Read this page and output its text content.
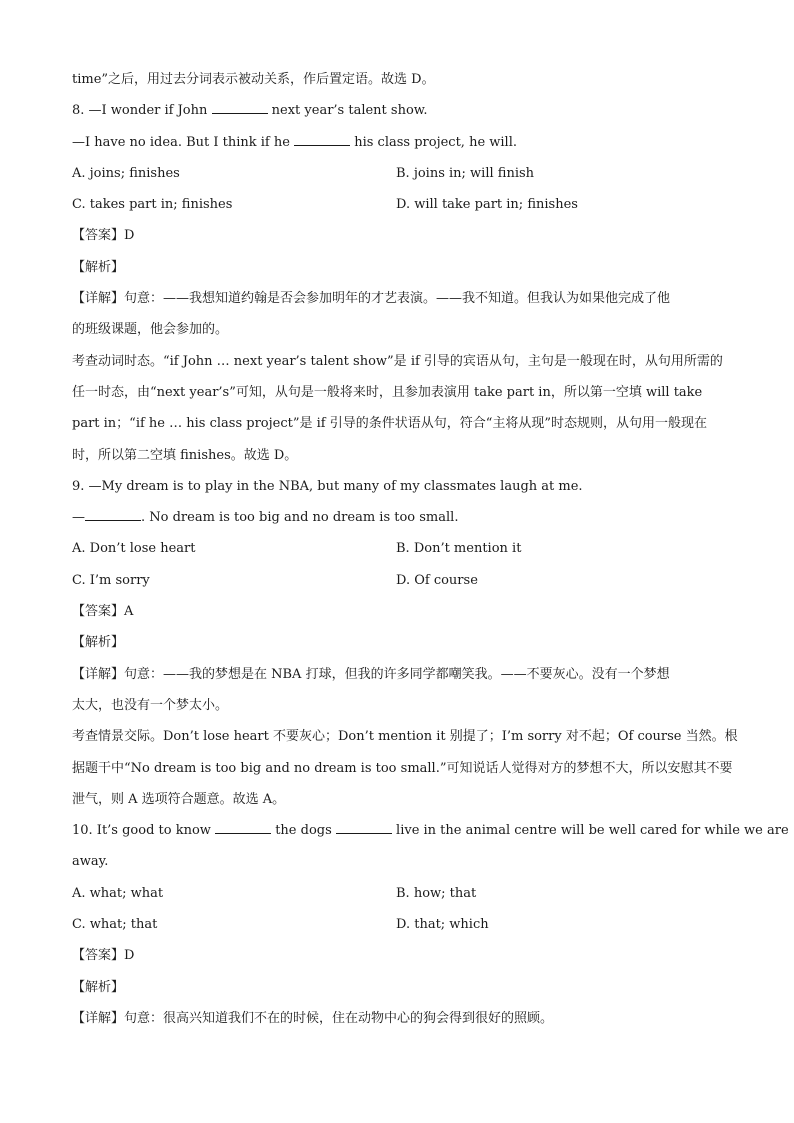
time”之后，用过去分词表示被动关系，作后置定语。故选 D。
8. —I wonder if John	next year’s talent show.
—I have no idea. But I think if he	his class project, he will.
A. joins; finishes	B. joins in; will finish
C. takes part in; finishes	D. will take part in; finishes
【答案】D
【解析】
【详解】句意：——我想知道约翰是否会参加明年的才艺表演。——我不知道。但我认为如果他完成了他
的班级课题，他会参加的。
考查动词时态。“if John … next year’s talent show”是 if 引导的宾语从句，主句是一般现在时，从句用所需的
任一时态，由“next year’s”可知，从句是一般将来时，且参加表演用 take part in，所以第一空填 will take
part in；“if he … his class project”是 if 引导的条件状语从句，符合“主将从现”时态规则，从句用一般现在
时，所以第二空填 finishes。故选 D。
9. —My dream is to play in the NBA, but many of my classmates laugh at me.
—	. No dream is too big and no dream is too small.
A. Don’t lose heart	B. Don’t mention it
C. I’m sorry	D. Of course
【答案】A
【解析】
【详解】句意：——我的梦想是在 NBA 打球，但我的许多同学都嘲笑我。——不要灰心。没有一个梦想
太大，也没有一个梦太小。
考查情景交际。Don’t lose heart 不要灰心；Don’t mention it 别提了；I’m sorry 对不起；Of course 当然。根
据题干中“No dream is too big and no dream is too small.”可知说话人觉得对方的梦想不大，所以安慰其不要
泄气，则 A 选项符合题意。故选 A。
10. It’s good to know	the dogs	live in the animal centre will be well cared for while we are
away.
A. what; what	B. how; that
C. what; that	D. that; which
【答案】D
【解析】
【详解】句意：很高兴知道我们不在的时候，住在动物中心的狗会得到很好的照顾。
